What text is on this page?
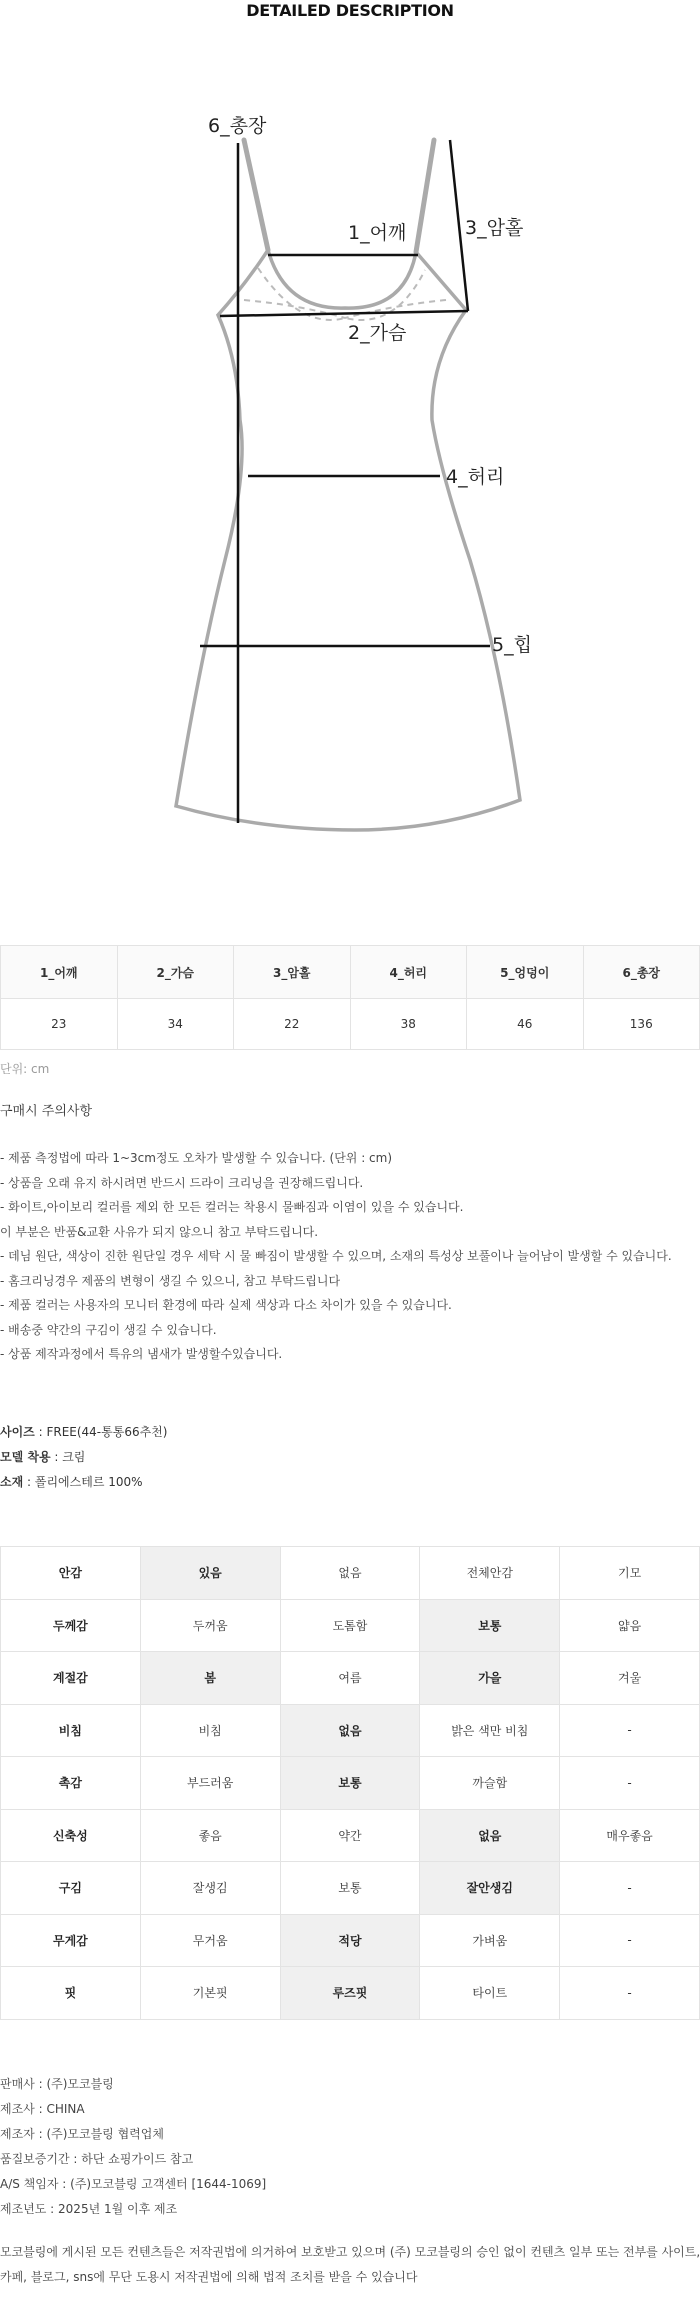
DETAILED DESCRIPTION
6_총장
1_어깨	3_암홀
2_가슴
4_허리
5_힙
1_어깨	2_가슴	3_암홀	4_허리	5_엉덩이	6_총장
23	34	22	38	46	136
단위: cm
구매시 주의사항
- 제품 측정법에 따라 1~3cm정도 오차가 발생할 수 있습니다. (단위 : cm)
- 상품을 오래 유지 하시려면 반드시 드라이 크리닝을 권장해드립니다.
- 화이트,아이보리 컬러를 제외 한 모든 컬러는 착용시 물빠짐과 이염이 있을 수 있습니다.
이 부분은 반품&교환 사유가 되지 않으니 참고 부탁드립니다.
- 데님 원단, 색상이 진한 원단일 경우 세탁 시 물 빠짐이 발생할 수 있으며, 소재의 특성상 보풀이나 늘어남이 발생할 수 있습니다.
- 홈크리닝경우 제품의 변형이 생길 수 있으니, 참고 부탁드립니다
- 제품 컬러는 사용자의 모니터 환경에 따라 실제 색상과 다소 차이가 있을 수 있습니다.
- 배송중 약간의 구김이 생길 수 있습니다.
- 상품 제작과정에서 특유의 냄새가 발생할수있습니다.
사이즈 : FREE(44-통통66추천)
모델 착용 : 크림
소재 : 폴리에스테르 100%
안감	있음	없음	전체안감	기모
두께감	두꺼움	도톰함	보통	얇음
계절감	봄	여름	가을	겨울
비침	비침	없음	밝은 색만 비침	-
촉감	부드러움	보통	까슬함	-
신축성	좋음	약간	없음	매우좋음
구김	잘생김	보통	잘안생김	-
무게감	무거움	적당	가벼움	-
핏	기본핏	루즈핏	타이트	-
판매사 : (주)모코블링
제조사 : CHINA
제조자 : (주)모코블링 협력업체
품질보증기간 : 하단 쇼핑가이드 참고
A/S 책임자 : (주)모코블링 고객센터 [1644-1069]
제조년도 : 2025년 1월 이후 제조
모코블링에 게시된 모든 컨텐츠들은 저작권법에 의거하여 보호받고 있으며 (주) 모코블링의 승인 없이 컨텐츠 일부 또는 전부를 사이트,
카페, 블로그, sns에 무단 도용시 저작권법에 의해 법적 조치를 받을 수 있습니다
